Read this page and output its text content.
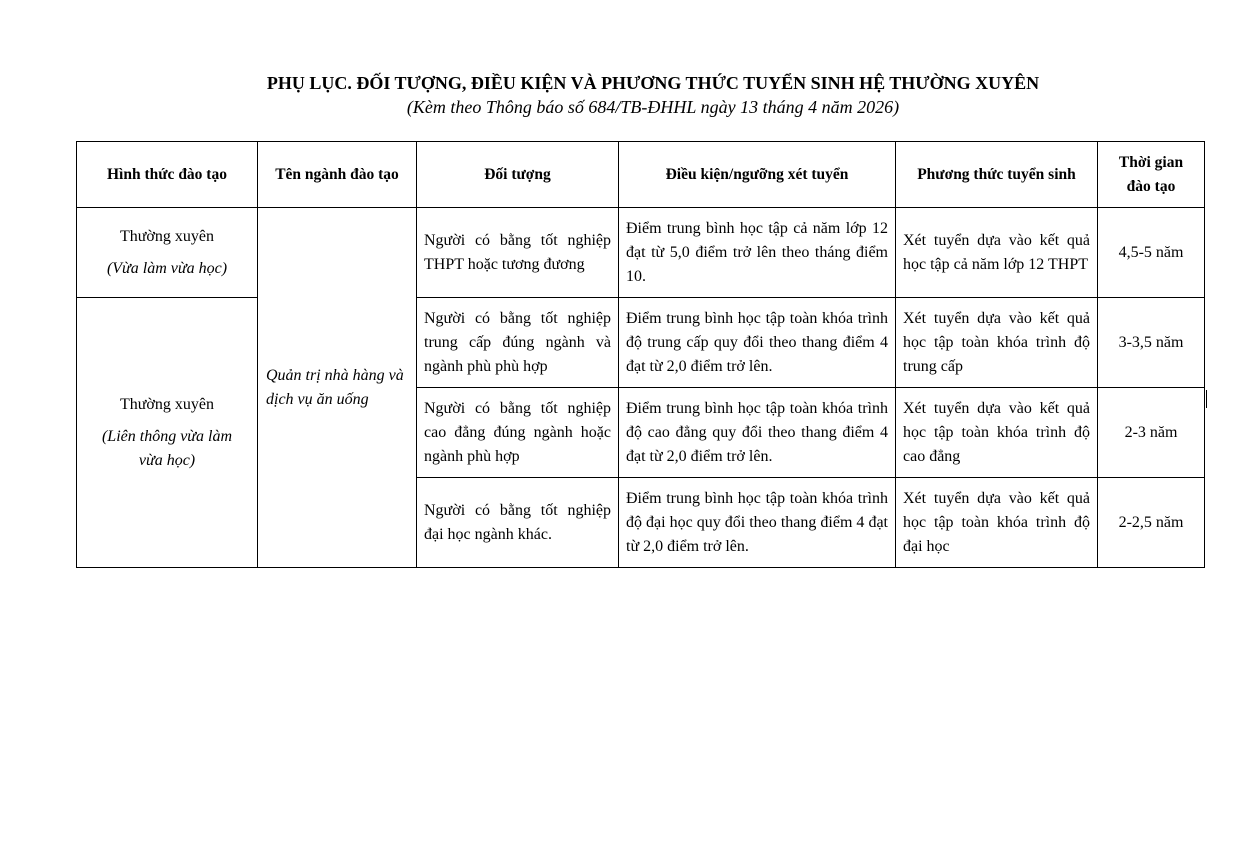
PHỤ LỤC. ĐỐI TƯỢNG, ĐIỀU KIỆN VÀ PHƯƠNG THỨC TUYỂN SINH HỆ THƯỜNG XUYÊN
(Kèm theo Thông báo số 684/TB-ĐHHL ngày 13 tháng 4 năm 2026)
Hình thức đào tạo	Tên ngành đào tạo	Đối tượng	Điều kiện/ngưỡng xét tuyển	Phương thức tuyển sinh	Thời gian đào tạo

Thường xuyên
(Vừa làm vừa học)	Quản trị nhà hàng và dịch vụ ăn uống	Người có bằng tốt nghiệp THPT hoặc tương đương	Điểm trung bình học tập cả năm lớp 12 đạt từ 5,0 điểm trở lên theo tháng điểm 10.	Xét tuyển dựa vào kết quả học tập cả năm lớp 12 THPT	4,5-5 năm

Thường xuyên
(Liên thông vừa làm vừa học)		Người có bằng tốt nghiệp trung cấp đúng ngành và ngành phù phù hợp	Điểm trung bình học tập toàn khóa trình độ trung cấp quy đổi theo thang điểm 4 đạt từ 2,0 điểm trở lên.	Xét tuyển dựa vào kết quả học tập toàn khóa trình độ trung cấp	3-3,5 năm
		Người có bằng tốt nghiệp cao đẳng đúng ngành hoặc ngành phù hợp	Điểm trung bình học tập toàn khóa trình độ cao đẳng quy đổi theo thang điểm 4 đạt từ 2,0 điểm trở lên.	Xét tuyển dựa vào kết quả học tập toàn khóa trình độ cao đẳng	2-3 năm
		Người có bằng tốt nghiệp đại học ngành khác.	Điểm trung bình học tập toàn khóa trình độ đại học quy đổi theo thang điểm 4 đạt từ 2,0 điểm trở lên.	Xét tuyển dựa vào kết quả học tập toàn khóa trình độ đại học	2-2,5 năm
